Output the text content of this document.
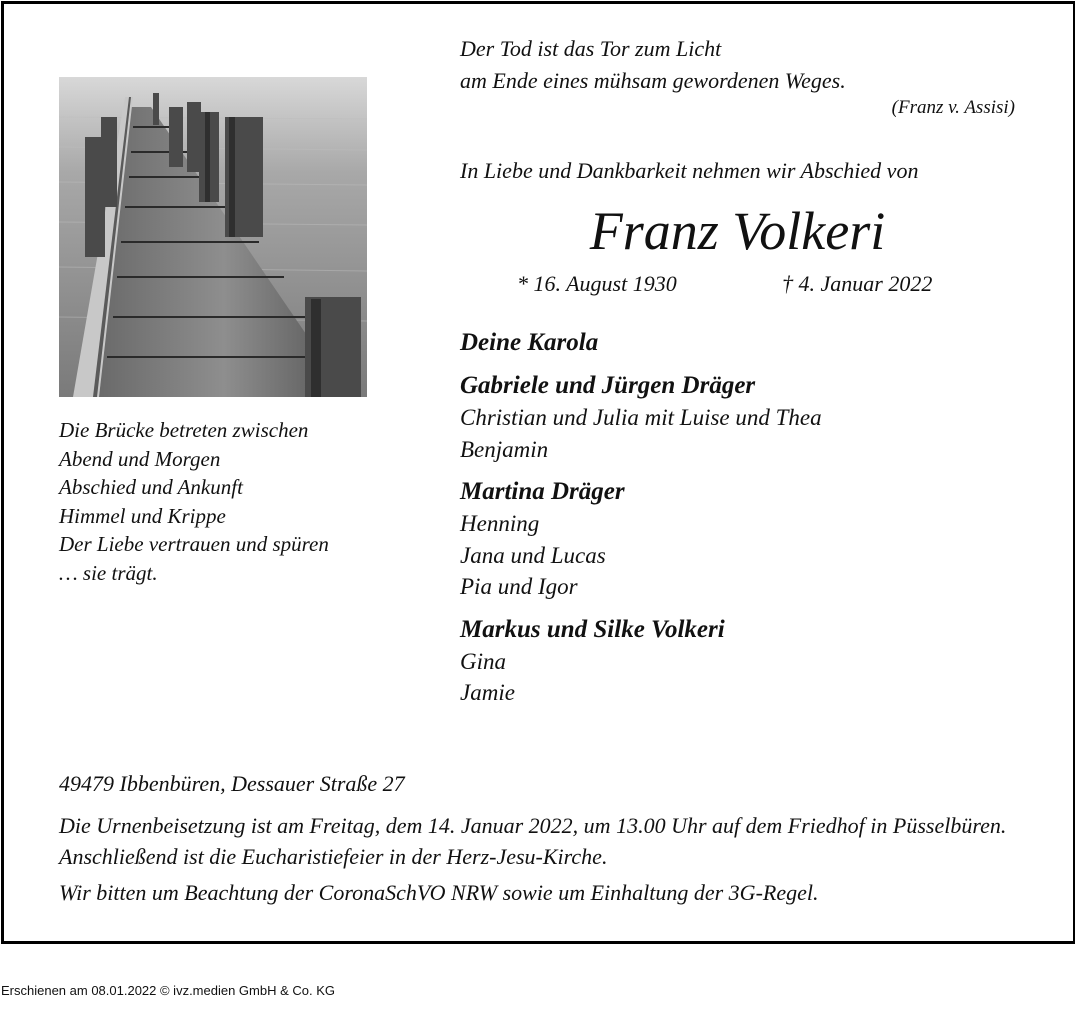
Der Tod ist das Tor zum Licht
am Ende eines mühsam gewordenen Weges.
(Franz v. Assisi)
In Liebe und Dankbarkeit nehmen wir Abschied von
Franz Volkeri
* 16. August 1930	† 4. Januar 2022
Deine Karola
Gabriele und Jürgen Dräger
Christian und Julia mit Luise und Thea
Benjamin
Martina Dräger
Henning
Jana und Lucas
Pia und Igor
Markus und Silke Volkeri
Gina
Jamie
Die Brücke betreten zwischen
Abend und Morgen
Abschied und Ankunft
Himmel und Krippe
Der Liebe vertrauen und spüren
… sie trägt.
49479 Ibbenbüren, Dessauer Straße 27
Die Urnenbeisetzung ist am Freitag, dem 14. Januar 2022, um 13.00 Uhr auf dem Friedhof in Püsselbüren. Anschließend ist die Eucharistiefeier in der Herz-Jesu-Kirche.
Wir bitten um Beachtung der CoronaSchVO NRW sowie um Einhaltung der 3G-Regel.
Erschienen am 08.01.2022 © ivz.medien GmbH & Co. KG
